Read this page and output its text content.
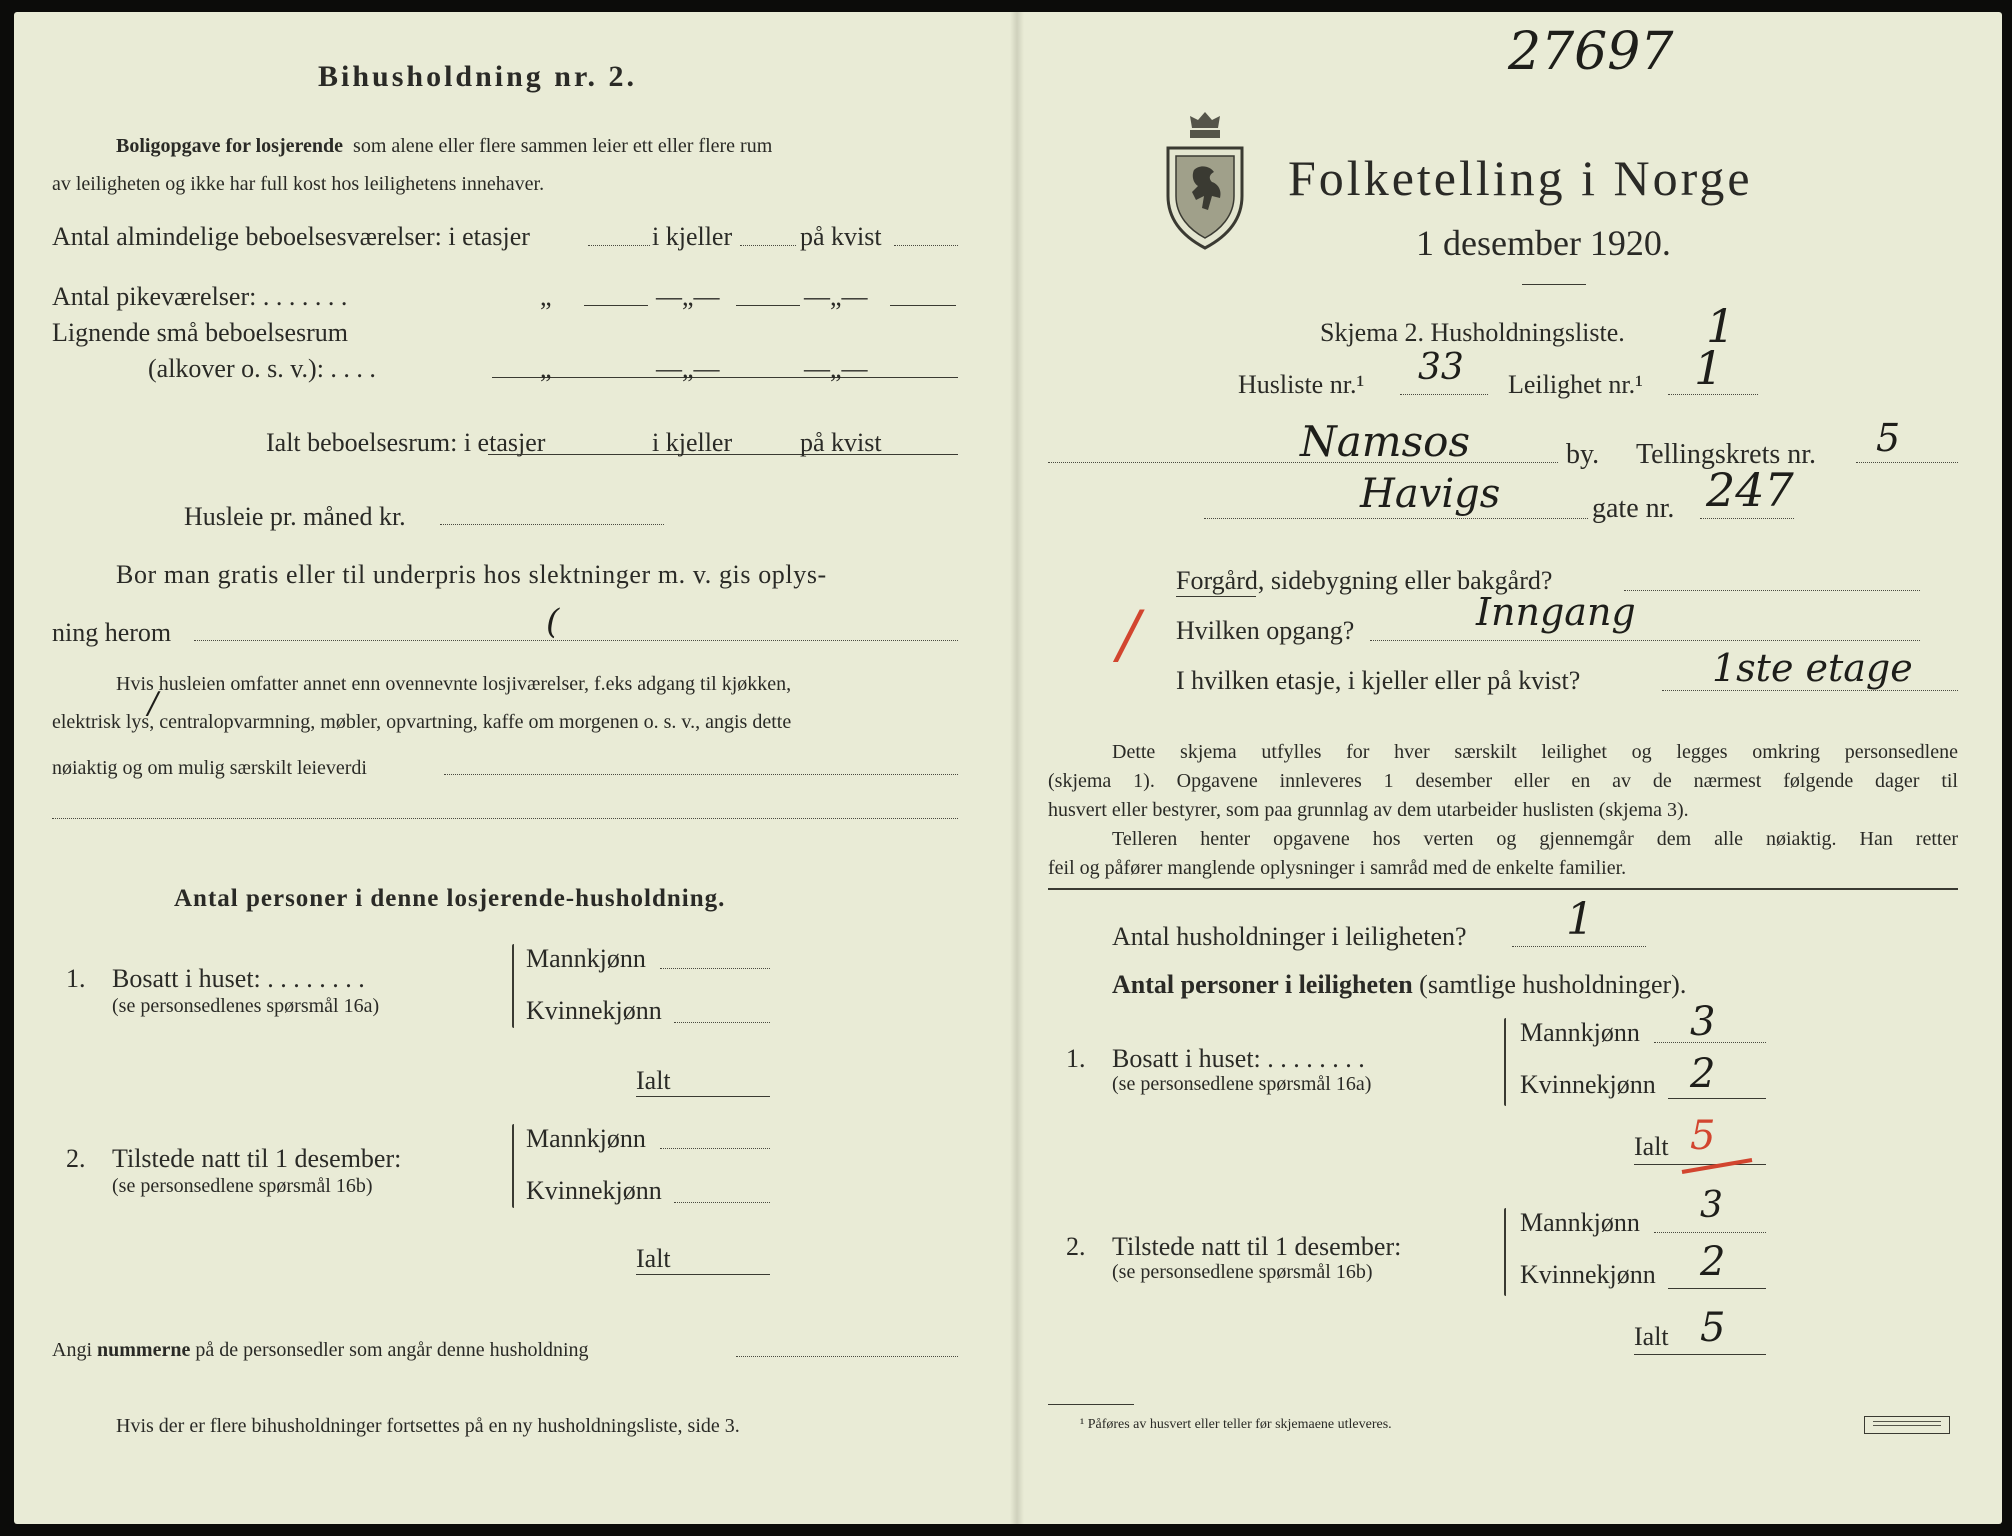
Bihusholdning nr. 2.
Boligopgave for losjerende som alene eller flere sammen leier ett eller flere rum
av leiligheten og ikke har full kost hos leilighetens innehaver.
Antal almindelige beboelsesværelser: i etasjer	i kjeller	på kvist
Antal pikeværelser: . . . . . . .	„	—„—	—„—
Lignende små beboelsesrum
(alkover o. s. v.): . . . .	„	—„—	—„—
Ialt beboelsesrum: i etasjer	i kjeller	på kvist
Husleie pr. måned kr.
Bor man gratis eller til underpris hos slektninger m. v. gis oplys-
ning herom	(
Hvis husleien omfatter annet enn ovennevnte losjiværelser, f.eks adgang til kjøkken,
elektrisk lys, centralopvarmning, møbler, opvartning, kaffe om morgenen o. s. v., angis dette
nøiaktig og om mulig særskilt leieverdi
/
Antal personer i denne losjerende-husholdning.
1. Bosatt i huset: . . . . . . . .
(se personsedlenes spørsmål 16a)
Mannkjønn
Kvinnekjønn
Ialt
2. Tilstede natt til 1 desember:
(se personsedlene spørsmål 16b)
Mannkjønn
Kvinnekjønn
Ialt
Angi nummerne på de personsedler som angår denne husholdning
Hvis der er flere bihusholdninger fortsettes på en ny husholdningsliste, side 3.
27697
Folketelling i Norge
1 desember 1920.
Skjema 2. Husholdningsliste. 1
Husliste nr.¹ 33 Leilighet nr.¹ 1
Namsos	by. Tellingskrets nr. 5
Havigs	gate nr. 247
Forgård, sidebygning eller bakgård?
Hvilken opgang?	Inngang
I hvilken etasje, i kjeller eller på kvist?	1ste etage
/
Dette skjema utfylles for hver særskilt leilighet og legges omkring personsedlene
(skjema 1). Opgavene innleveres 1 desember eller en av de nærmest følgende dager til
husvert eller bestyrer, som paa grunnlag av dem utarbeider huslisten (skjema 3).
Telleren henter opgavene hos verten og gjennemgår dem alle nøiaktig. Han retter
feil og påfører manglende oplysninger i samråd med de enkelte familier.
Antal husholdninger i leiligheten? 1
Antal personer i leiligheten (samtlige husholdninger).
1. Bosatt i huset: . . . . . . . .
(se personsedlene spørsmål 16a)
Mannkjønn 3
Kvinnekjønn 2
Ialt 5
2. Tilstede natt til 1 desember:
(se personsedlene spørsmål 16b)
Mannkjønn 3
Kvinnekjønn 2
Ialt 5
¹ Påføres av husvert eller teller før skjemaene utleveres.
